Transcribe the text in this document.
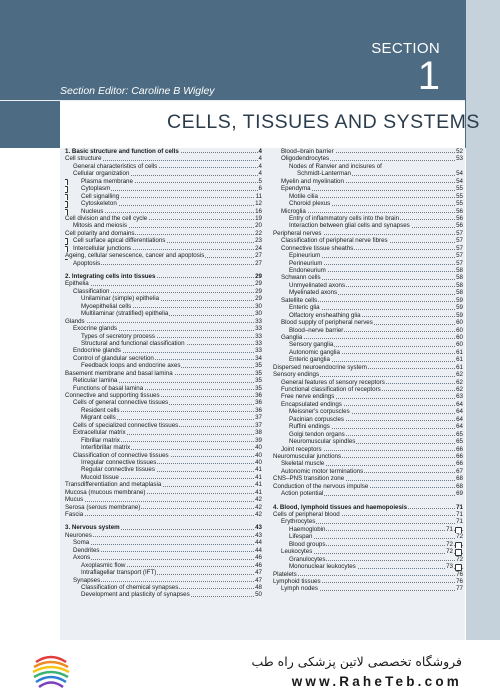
SECTION
1
Section Editor: Caroline B Wigley
CELLS, TISSUES AND SYSTEMS
1. Basic structure and function of cells	4
Cell structure	4
General characteristics of cells	4
Cellular organization	4
Plasma membrane	5
Cytoplasm	6
Cell signalling	11
Cytoskeleton	12
Nucleus	16
Cell division and the cell cycle	19
Mitosis and meiosis	20
Cell polarity and domains	22
Cell surface apical differentiations	23
Intercellular junctions	24
Ageing, cellular senescence, cancer and apoptosis	27
Apoptosis	27
2. Integrating cells into tissues	29
Epithelia	29
Classification	29
Unilaminar (simple) epithelia	29
Myoepithelial cells	30
Multilaminar (stratified) epithelia	30
Glands	33
Exocrine glands	33
Types of secretory process	33
Structural and functional classification	33
Endocrine glands	33
Control of glandular secretion	34
Feedback loops and endocrine axes	35
Basement membrane and basal lamina	35
Reticular lamina	35
Functions of basal lamina	35
Connective and supporting tissues	36
Cells of general connective tissues	36
Resident cells	36
Migrant cells	37
Cells of specialized connective tissues	37
Extracellular matrix	38
Fibrillar matrix	39
Interfibrillar matrix	40
Classification of connective tissues	40
Irregular connective tissues	40
Regular connective tissues	41
Mucoid tissue	41
Transdifferentiation and metaplasia	41
Mucosa (mucous membrane)	41
Mucus	42
Serosa (serous membrane)	42
Fascia	42
3. Nervous system	43
Neurones	43
Soma	44
Dendrites	44
Axons	46
Axoplasmic flow	46
Intraflagellar transport (IFT)	47
Synapses	47
Classification of chemical synapses	48
Development and plasticity of synapses	50
Blood–brain barrier	52
Oligodendrocytes	53
Nodes of Ranvier and incisures of
Schmidt-Lanterman	54
Myelin and myelination	54
Ependyma	55
Motile cilia	55
Choroid plexus	55
Microglia	56
Entry of inflammatory cells into the brain	56
Interaction between glial cells and synapses	56
Peripheral nerves	57
Classification of peripheral nerve fibres	57
Connective tissue sheaths	57
Epineurium	57
Perineurium	57
Endoneurium	58
Schwann cells	58
Unmyelinated axons	58
Myelinated axons	58
Satellite cells	59
Enteric glia	59
Olfactory ensheathing glia	59
Blood supply of peripheral nerves	60
Blood–nerve barrier	60
Ganglia	60
Sensory ganglia	60
Autonomic ganglia	61
Enteric ganglia	61
Dispersed neuroendocrine system	61
Sensory endings	62
General features of sensory receptors	62
Functional classification of receptors	62
Free nerve endings	63
Encapsulated endings	64
Meissner's corpuscles	64
Pacinian corpuscles	64
Ruffini endings	64
Golgi tendon organs	65
Neuromuscular spindles	65
Joint receptors	66
Neuromuscular junctions	66
Skeletal muscle	66
Autonomic motor terminations	67
CNS–PNS transition zone	68
Conduction of the nervous impulse	68
Action potential	69
4. Blood, lymphoid tissues and haemopoiesis	71
Cells of peripheral blood	71
Erythrocytes	71
Haemoglobin	71
Lifespan	72
Blood groups	72
Leukocytes	72
Granulocytes	72
Mononuclear leukocytes	73
Platelets	76
Lymphoid tissues	76
Lymph nodes	77
فروشگاه تخصصی لاتین پزشکی راه طب
www.RaheTeb.com
